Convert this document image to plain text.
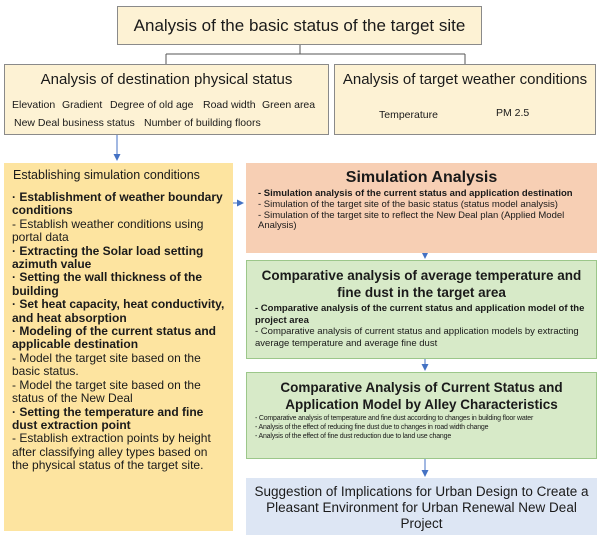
Analysis of the basic status of the target site
Analysis of destination physical status
Elevation Gradient Degree of old age Road width Green area
New Deal business status Number of building floors
Analysis of target weather conditions
Temperature	PM 2.5
Establishing simulation conditions
· Establishment of weather boundary conditions
- Establish weather conditions using portal data
· Extracting the Solar load setting azimuth value
· Setting the wall thickness of the building
· Set heat capacity, heat conductivity, and heat absorption
· Modeling of the current status and applicable destination
- Model the target site based on the basic status.
- Model the target site based on the status of the New Deal
· Setting the temperature and fine dust extraction point
- Establish extraction points by height after classifying alley types based on the physical status of the target site.
Simulation Analysis
- Simulation analysis of the current status and application destination
- Simulation of the target site of the basic status (status model analysis)
- Simulation of the target site to reflect the New Deal plan (Applied Model Analysis)
Comparative analysis of average temperature and fine dust in the target area
- Comparative analysis of the current status and application model of the project area
- Comparative analysis of current status and application models by extracting average temperature and average fine dust
Comparative Analysis of Current Status and Application Model by Alley Characteristics
- Comparative analysis of temperature and fine dust according to changes in building floor water
- Analysis of the effect of reducing fine dust due to changes in road width change
- Analysis of the effect of fine dust reduction due to land use change
Suggestion of Implications for Urban Design to Create a Pleasant Environment for Urban Renewal New Deal Project
